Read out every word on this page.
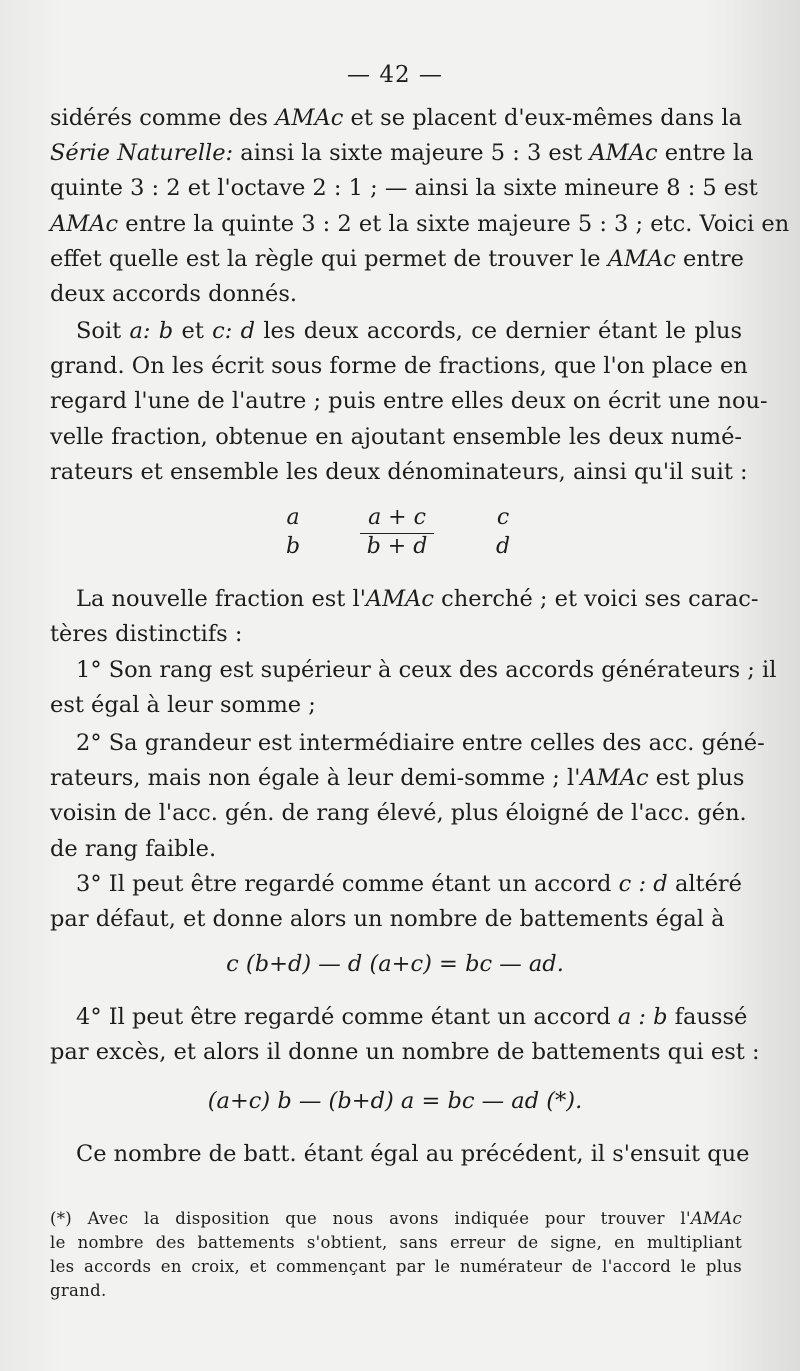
— 42 —
sidérés comme des AMAc et se placent d'eux-mêmes dans la
Série Naturelle: ainsi la sixte majeure 5 : 3 est AMAc entre la
quinte 3 : 2 et l'octave 2 : 1 ; — ainsi la sixte mineure 8 : 5 est
AMAc entre la quinte 3 : 2 et la sixte majeure 5 : 3 ; etc. Voici en
effet quelle est la règle qui permet de trouver le AMAc entre
deux accords donnés.
Soit a: b et c: d les deux accords, ce dernier étant le plus
grand. On les écrit sous forme de fractions, que l'on place en
regard l'une de l'autre ; puis entre elles deux on écrit une nou-
velle fraction, obtenue en ajoutant ensemble les deux numé-
rateurs et ensemble les deux dénominateurs, ainsi qu'il suit :
a
b
a + c
b + d
c
d
La nouvelle fraction est l'AMAc cherché ; et voici ses carac-
tères distinctifs :
1° Son rang est supérieur à ceux des accords générateurs ; il
est égal à leur somme ;
2° Sa grandeur est intermédiaire entre celles des acc. géné-
rateurs, mais non égale à leur demi-somme ; l'AMAc est plus
voisin de l'acc. gén. de rang élevé, plus éloigné de l'acc. gén.
de rang faible.
3° Il peut être regardé comme étant un accord c : d altéré
par défaut, et donne alors un nombre de battements égal à
c (b+d) — d (a+c) = bc — ad.
4° Il peut être regardé comme étant un accord a : b faussé
par excès, et alors il donne un nombre de battements qui est :
(a+c) b — (b+d) a = bc — ad (*).
Ce nombre de batt. étant égal au précédent, il s'ensuit que
(*) Avec la disposition que nous avons indiquée pour trouver l'AMAc
le nombre des battements s'obtient, sans erreur de signe, en multipliant
les accords en croix, et commençant par le numérateur de l'accord le plus
grand.
